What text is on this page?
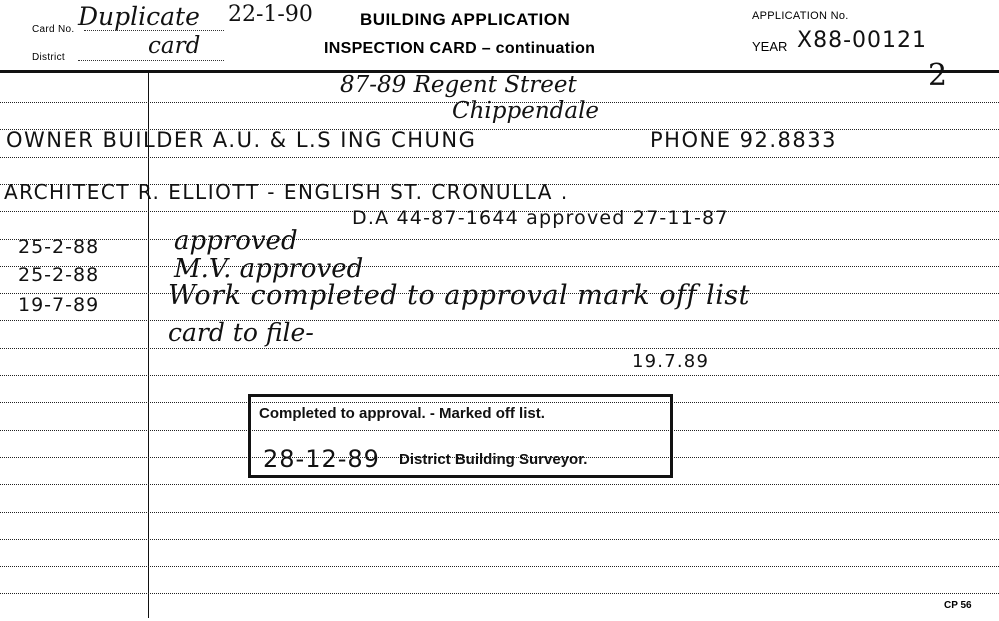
Card No.
District
Duplicate
card
22-1-90	BUILDING APPLICATION
INSPECTION CARD – continuation
APPLICATION No.
YEAR X88-00121
2
87-89 Regent Street
Chippendale
OWNER BUILDER A.U. & L.S ING CHUNG	PHONE 92.8833
ARCHITECT R. ELLIOTT - ENGLISH ST. CRONULLA .
D.A 44-87-1644 approved 27-11-87
25-2-88	approved
25-2-88	M.V. approved
19-7-89	Work completed to approval mark off list
card to file-
19.7.89
Completed to approval. - Marked off list.
District Building Surveyor.
28-12-89
CP 56
